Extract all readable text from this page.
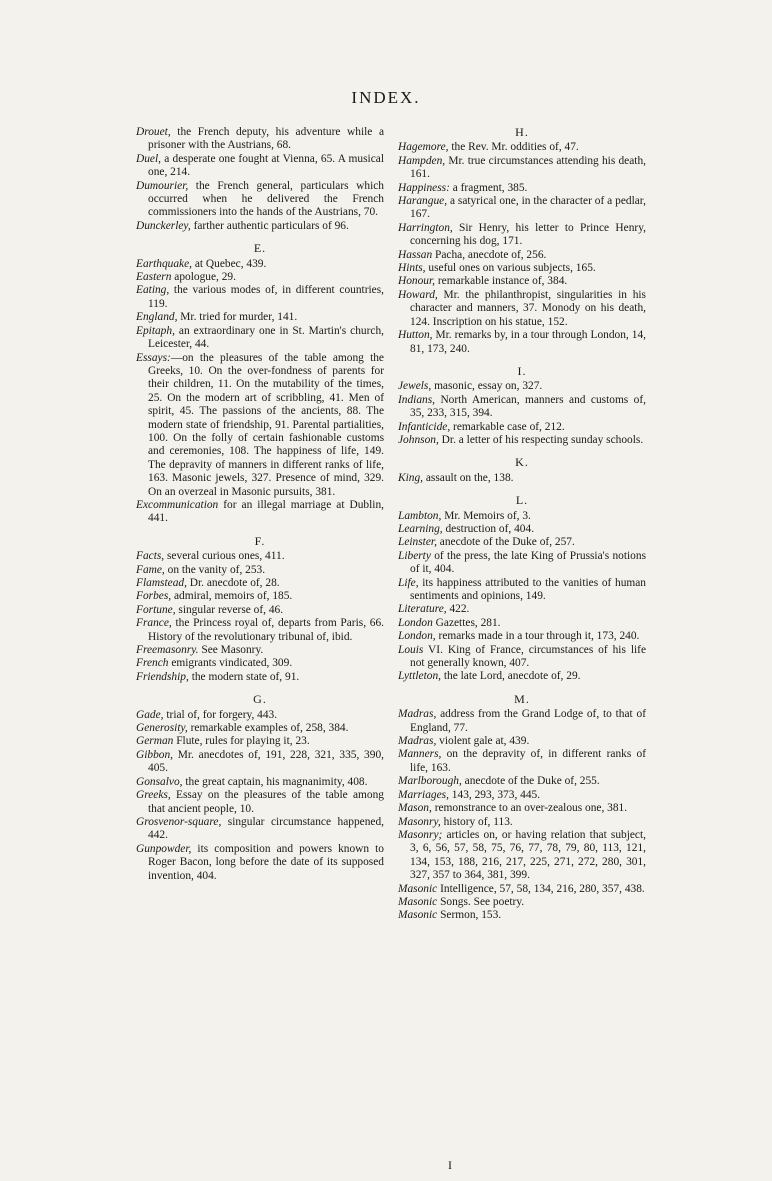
INDEX.

Drouet, the French deputy, his adventure while a prisoner with the Austrians, 68.

Duel, a desperate one fought at Vienna, 65. A musical one, 214.

Dumourier, the French general, particulars which occurred when he delivered the French commissioners into the hands of the Austrians, 70.

Dunckerley, farther authentic particulars of 96.

E.

Earthquake, at Quebec, 439.

Eastern apologue, 29.

Eating, the various modes of, in different countries, 119.

England, Mr. tried for murder, 141.

Epitaph, an extraordinary one in St. Martin's church, Leicester, 44.

Essays:—on the pleasures of the table among the Greeks, 10. On the over-fondness of parents for their children, 11. On the mutability of the times, 25. On the modern art of scribbling, 41. Men of spirit, 45. The passions of the ancients, 88. The modern state of friendship, 91. Parental partialities, 100. On the folly of certain fashionable customs and ceremonies, 108. The happiness of life, 149. The depravity of manners in different ranks of life, 163. Masonic jewels, 327. Presence of mind, 329. On an overzeal in Masonic pursuits, 381.

Excommunication for an illegal marriage at Dublin, 441.

F.

Facts, several curious ones, 411.

Fame, on the vanity of, 253.

Flamstead, Dr. anecdote of, 28.

Forbes, admiral, memoirs of, 185.

Fortune, singular reverse of, 46.

France, the Princess royal of, departs from Paris, 66. History of the revolutionary tribunal of, ibid.

Freemasonry. See Masonry.

French emigrants vindicated, 309.

Friendship, the modern state of, 91.

G.

Gade, trial of, for forgery, 443.

Generosity, remarkable examples of, 258, 384.

German Flute, rules for playing it, 23.

Gibbon, Mr. anecdotes of, 191, 228, 321, 335, 390, 405.

Gonsalvo, the great captain, his magnanimity, 408.

Greeks, Essay on the pleasures of the table among that ancient people, 10.

Grosvenor-square, singular circumstance happened, 442.

Gunpowder, its composition and powers known to Roger Bacon, long before the date of its supposed invention, 404.

H.

Hagemore, the Rev. Mr. oddities of, 47.

Hampden, Mr. true circumstances attending his death, 161.

Happiness: a fragment, 385.

Harangue, a satyrical one, in the character of a pedlar, 167.

Harrington, Sir Henry, his letter to Prince Henry, concerning his dog, 171.

Hassan Pacha, anecdote of, 256.

Hints, useful ones on various subjects, 165.

Honour, remarkable instance of, 384.

Howard, Mr. the philanthropist, singularities in his character and manners, 37. Monody on his death, 124. Inscription on his statue, 152.

Hutton, Mr. remarks by, in a tour through London, 14, 81, 173, 240.

I.

Jewels, masonic, essay on, 327.

Indians, North American, manners and customs of, 35, 233, 315, 394.

Infanticide, remarkable case of, 212.

Johnson, Dr. a letter of his respecting sunday schools.

K.

King, assault on the, 138.

L.

Lambton, Mr. Memoirs of, 3.

Learning, destruction of, 404.

Leinster, anecdote of the Duke of, 257.

Liberty of the press, the late King of Prussia's notions of it, 404.

Life, its happiness attributed to the vanities of human sentiments and opinions, 149.

Literature, 422.

London Gazettes, 281.

London, remarks made in a tour through it, 173, 240.

Louis VI. King of France, circumstances of his life not generally known, 407.

Lyttleton, the late Lord, anecdote of, 29.

M.

Madras, address from the Grand Lodge of, to that of England, 77.

Madras, violent gale at, 439.

Manners, on the depravity of, in different ranks of life, 163.

Marlborough, anecdote of the Duke of, 255.

Marriages, 143, 293, 373, 445.

Mason, remonstrance to an over-zealous one, 381.

Masonry, history of, 113.

Masonry; articles on, or having relation that subject, 3, 6, 56, 57, 58, 75, 76, 77, 78, 79, 80, 113, 121, 134, 153, 188, 216, 217, 225, 271, 272, 280, 301, 327, 357 to 364, 381, 399.

Masonic Intelligence, 57, 58, 134, 216, 280, 357, 438.

Masonic Songs. See poetry.

Masonic Sermon, 153.

I
